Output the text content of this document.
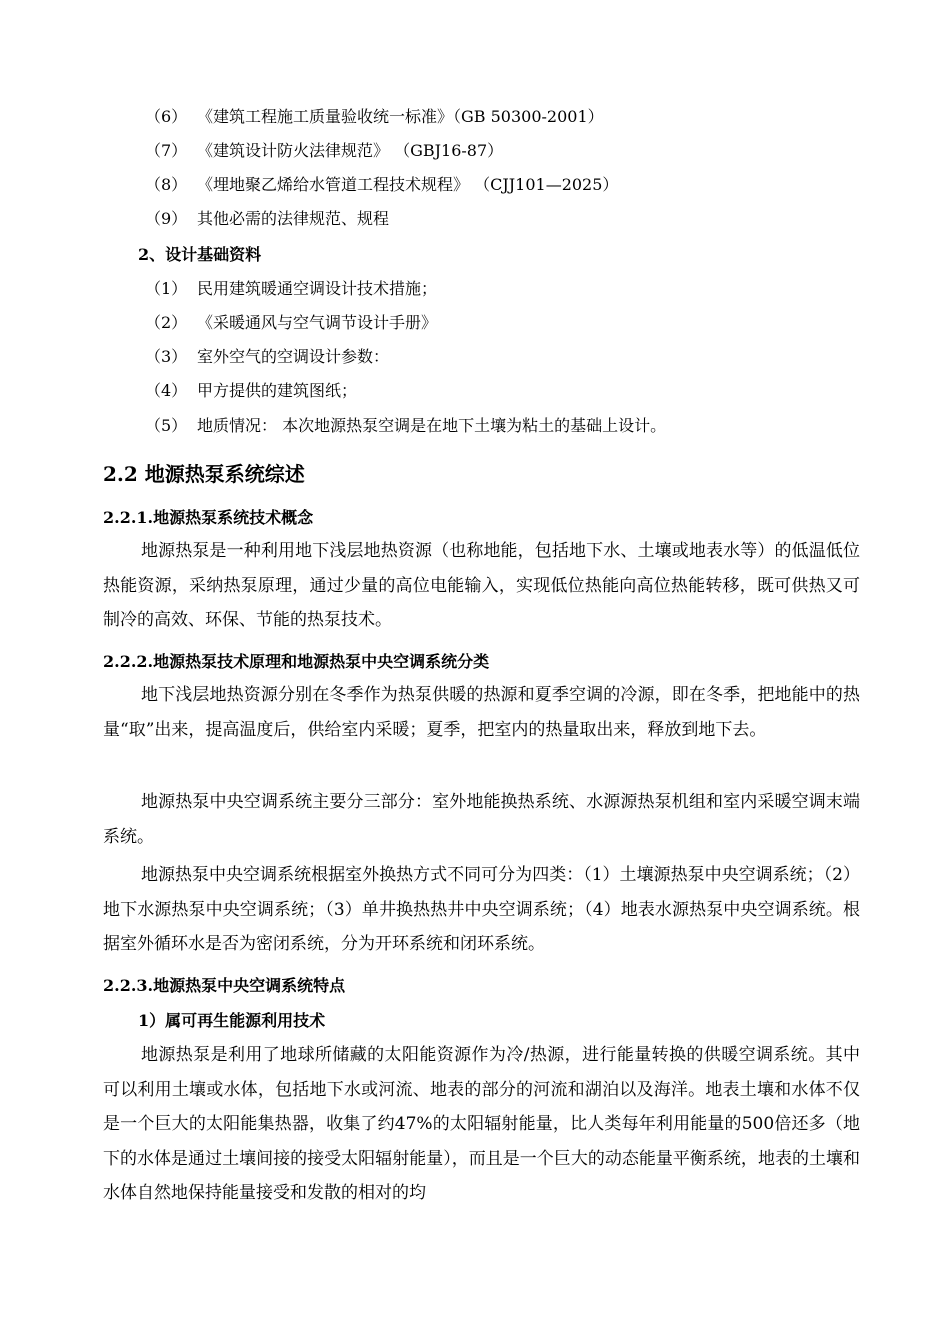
（6） 《建筑工程施工质量验收统一标准》（GB 50300-2001）
（7） 《建筑设计防火法律规范》 （GBJ16-87）
（8） 《埋地聚乙烯给水管道工程技术规程》 （CJJ101—2025）
（9） 其他必需的法律规范、规程
2、设计基础资料
（1） 民用建筑暖通空调设计技术措施；
（2） 《采暖通风与空气调节设计手册》
（3） 室外空气的空调设计参数：
（4） 甲方提供的建筑图纸；
（5） 地质情况： 本次地源热泵空调是在地下土壤为粘土的基础上设计。
2.2 地源热泵系统综述
2.2.1.地源热泵系统技术概念
地源热泵是一种利用地下浅层地热资源（也称地能，包括地下水、土壤或地表水等）的低温低位热能资源，采纳热泵原理，通过少量的高位电能输入，实现低位热能向高位热能转移，既可供热又可制冷的高效、环保、节能的热泵技术。
2.2.2.地源热泵技术原理和地源热泵中央空调系统分类
地下浅层地热资源分别在冬季作为热泵供暖的热源和夏季空调的冷源，即在冬季，把地能中的热量“取”出来，提高温度后，供给室内采暖；夏季，把室内的热量取出来，释放到地下去。
地源热泵中央空调系统主要分三部分：室外地能换热系统、水源源热泵机组和室内采暖空调末端系统。
地源热泵中央空调系统根据室外换热方式不同可分为四类：（1）土壤源热泵中央空调系统；（2）地下水源热泵中央空调系统；（3）单井换热热井中央空调系统；（4）地表水源热泵中央空调系统。根据室外循环水是否为密闭系统，分为开环系统和闭环系统。
2.2.3.地源热泵中央空调系统特点
1）属可再生能源利用技术
地源热泵是利用了地球所储藏的太阳能资源作为冷/热源，进行能量转换的供暖空调系统。其中可以利用土壤或水体，包括地下水或河流、地表的部分的河流和湖泊以及海洋。地表土壤和水体不仅是一个巨大的太阳能集热器，收集了约47%的太阳辐射能量，比人类每年利用能量的500倍还多（地下的水体是通过土壤间接的接受太阳辐射能量），而且是一个巨大的动态能量平衡系统，地表的土壤和水体自然地保持能量接受和发散的相对的均
